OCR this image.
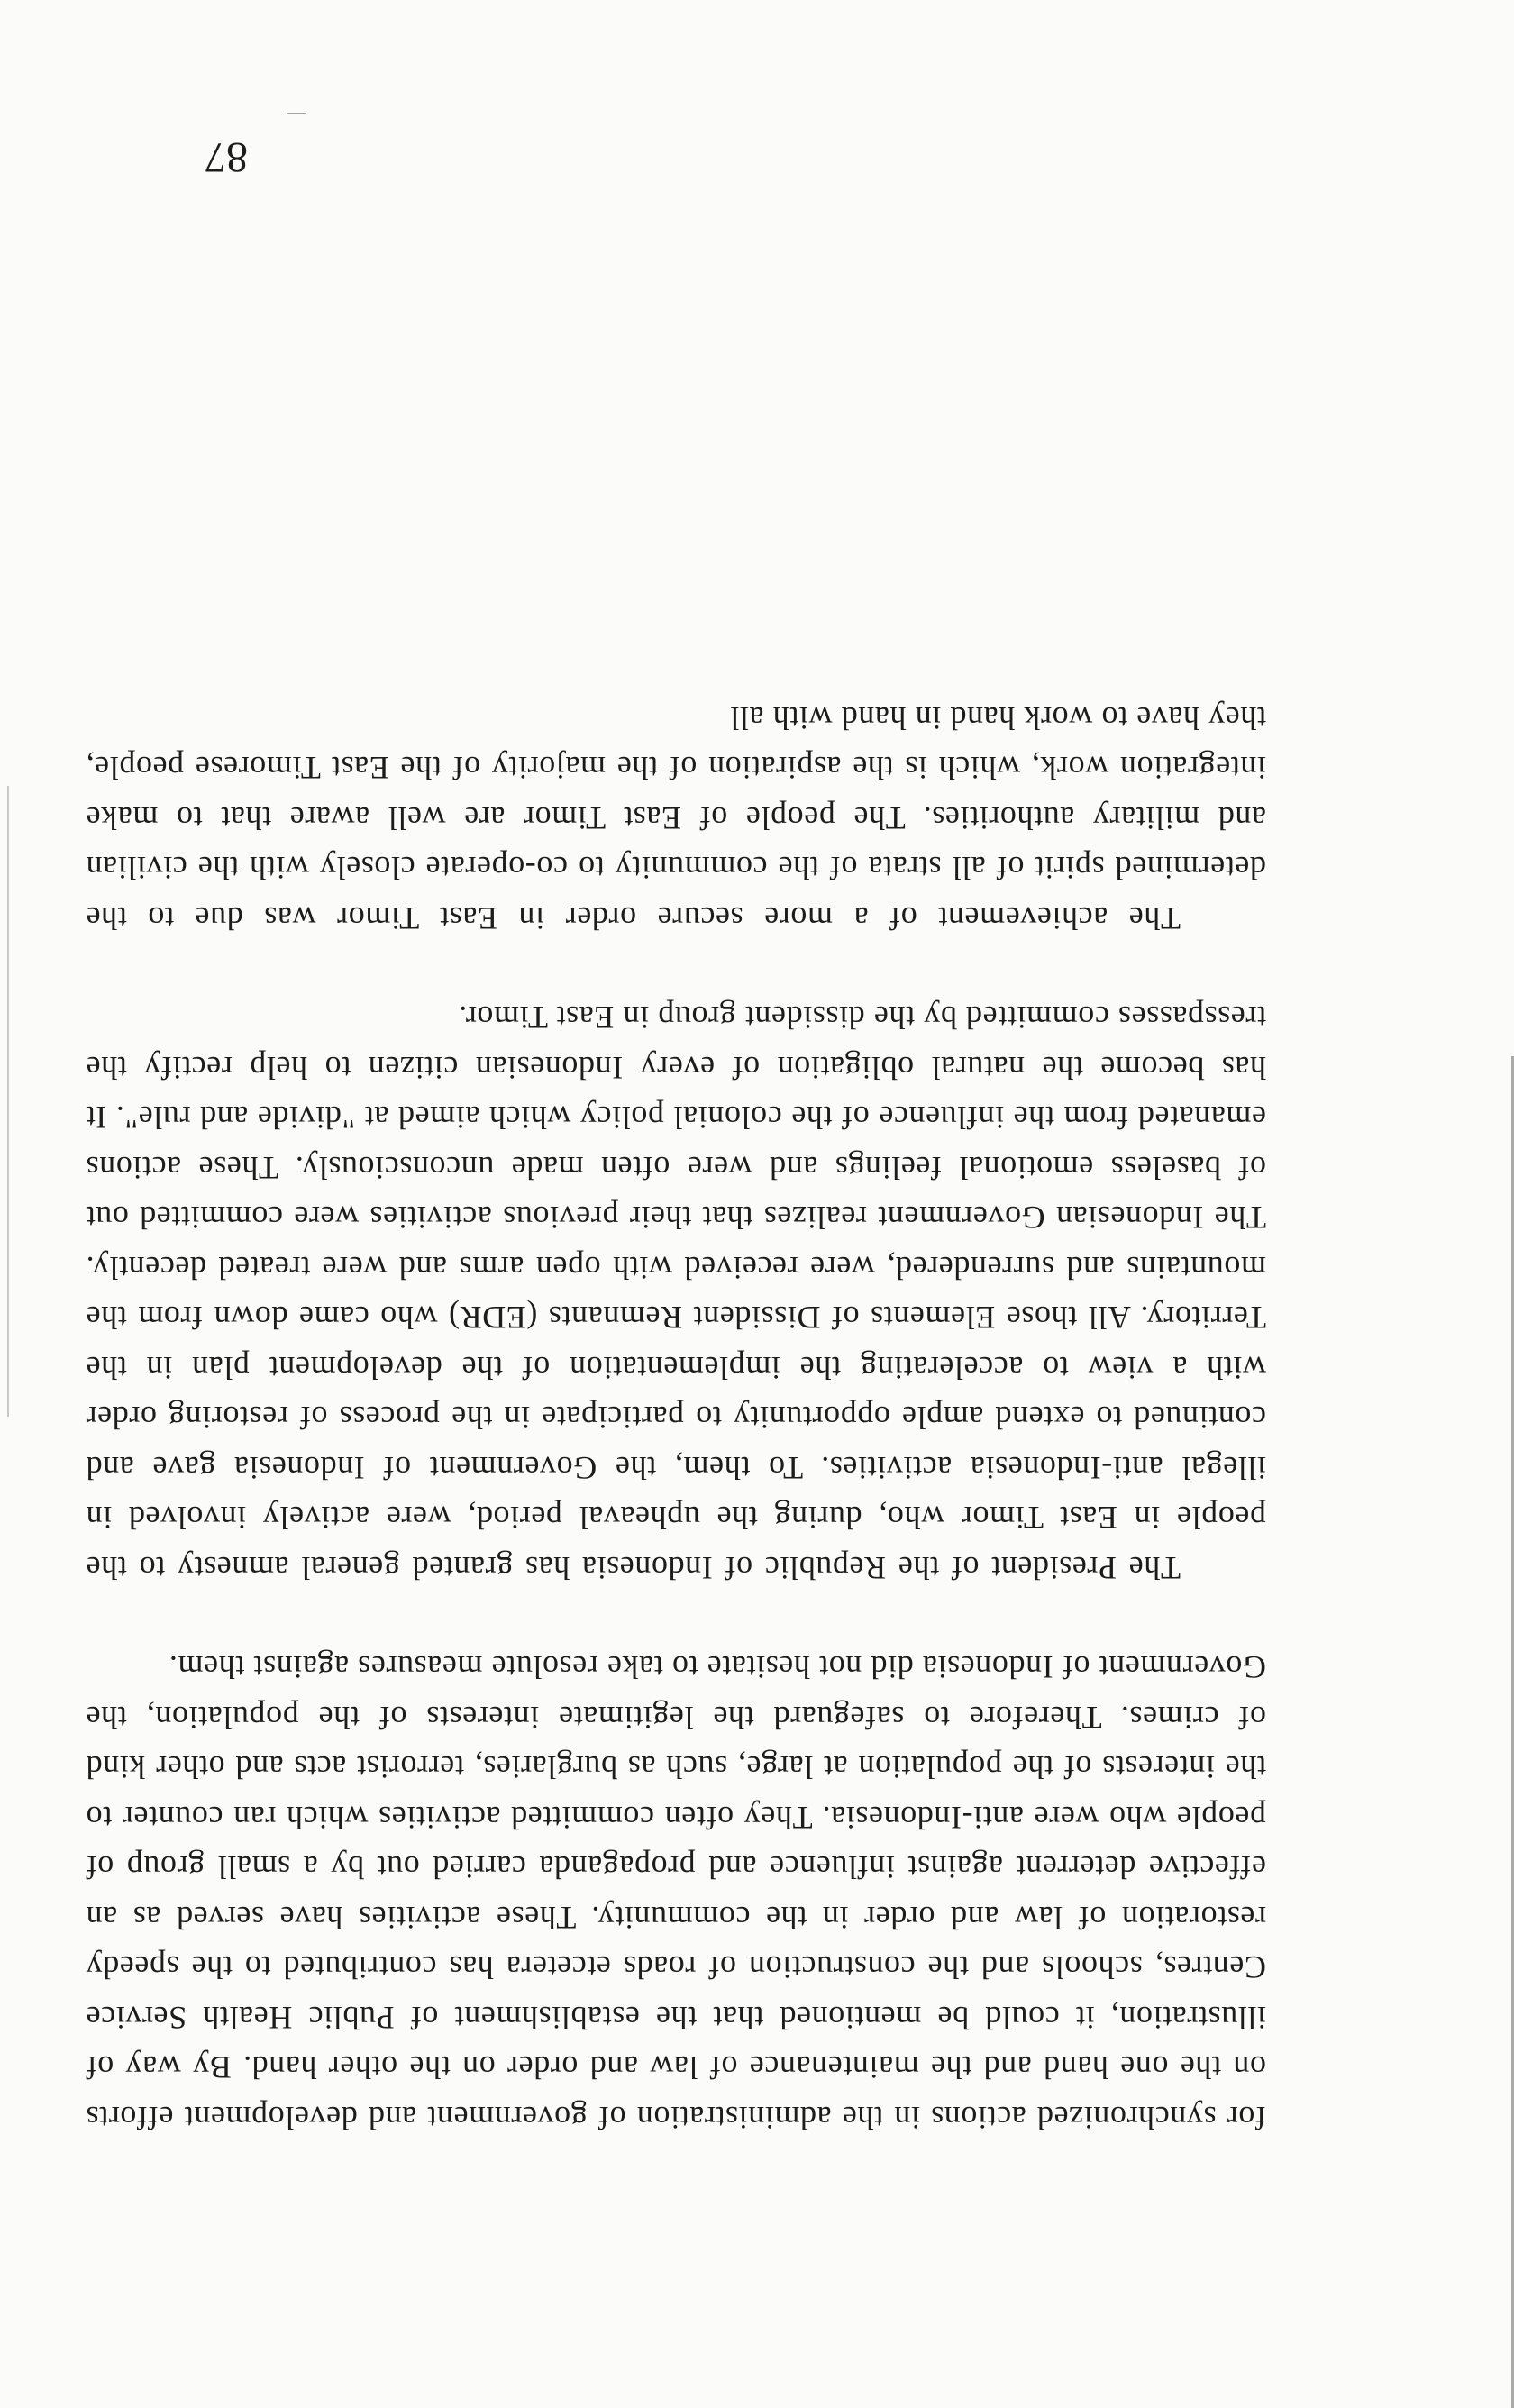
for synchronized actions in the administration of government and development efforts on the one hand and the maintenance of law and order on the other hand. By way of illustration, it could be mentioned that the establishment of Public Health Service Centres, schools and the construction of roads etcetera has contributed to the speedy restoration of law and order in the community. These activities have served as an effective deterrent against influence and propaganda carried out by a small group of people who were anti-Indonesia. They often committed activities which ran counter to the interests of the population at large, such as burglaries, terrorist acts and other kind of crimes. Therefore to safeguard the legitimate interests of the population, the Government of Indonesia did not hesitate to take resolute measures against them.

The President of the Republic of Indonesia has granted general amnesty to the people in East Timor who, during the upheaval period, were actively involved in illegal anti-Indonesia activities. To them, the Government of Indonesia gave and continued to extend ample opportunity to participate in the process of restoring order with a view to accelerating the implementation of the development plan in the Territory. All those Elements of Dissident Remnants (EDR) who came down from the mountains and surrendered, were received with open arms and were treated decently. The Indonesian Government realizes that their previous activities were committed out of baseless emotional feelings and were often made unconsciously. These actions emanated from the influence of the colonial policy which aimed at "divide and rule". It has become the natural obligation of every Indonesian citizen to help rectify the tresspasses committed by the dissident group in East Timor.

The achievement of a more secure order in East Timor was due to the determined spirit of all strata of the community to co-operate closely with the civilian and military authorities. The people of East Timor are well aware that to make integration work, which is the aspiration of the majority of the East Timorese people, they have to work hand in hand with all

87
